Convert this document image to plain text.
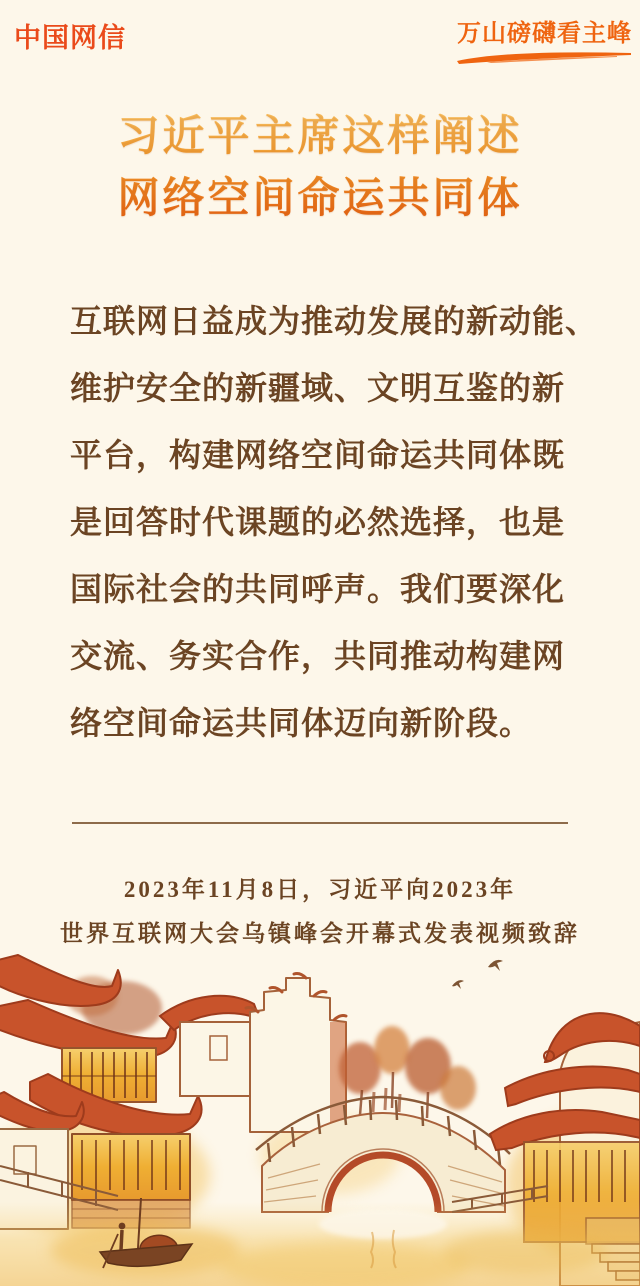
中国网信	万山磅礴看主峰
习近平主席这样阐述
网络空间命运共同体
互联网日益成为推动发展的新动能、
维护安全的新疆域、文明互鉴的新
平台，构建网络空间命运共同体既
是回答时代课题的必然选择，也是
国际社会的共同呼声。我们要深化
交流、务实合作，共同推动构建网
络空间命运共同体迈向新阶段。
2023年11月8日，习近平向2023年
世界互联网大会乌镇峰会开幕式发表视频致辞
